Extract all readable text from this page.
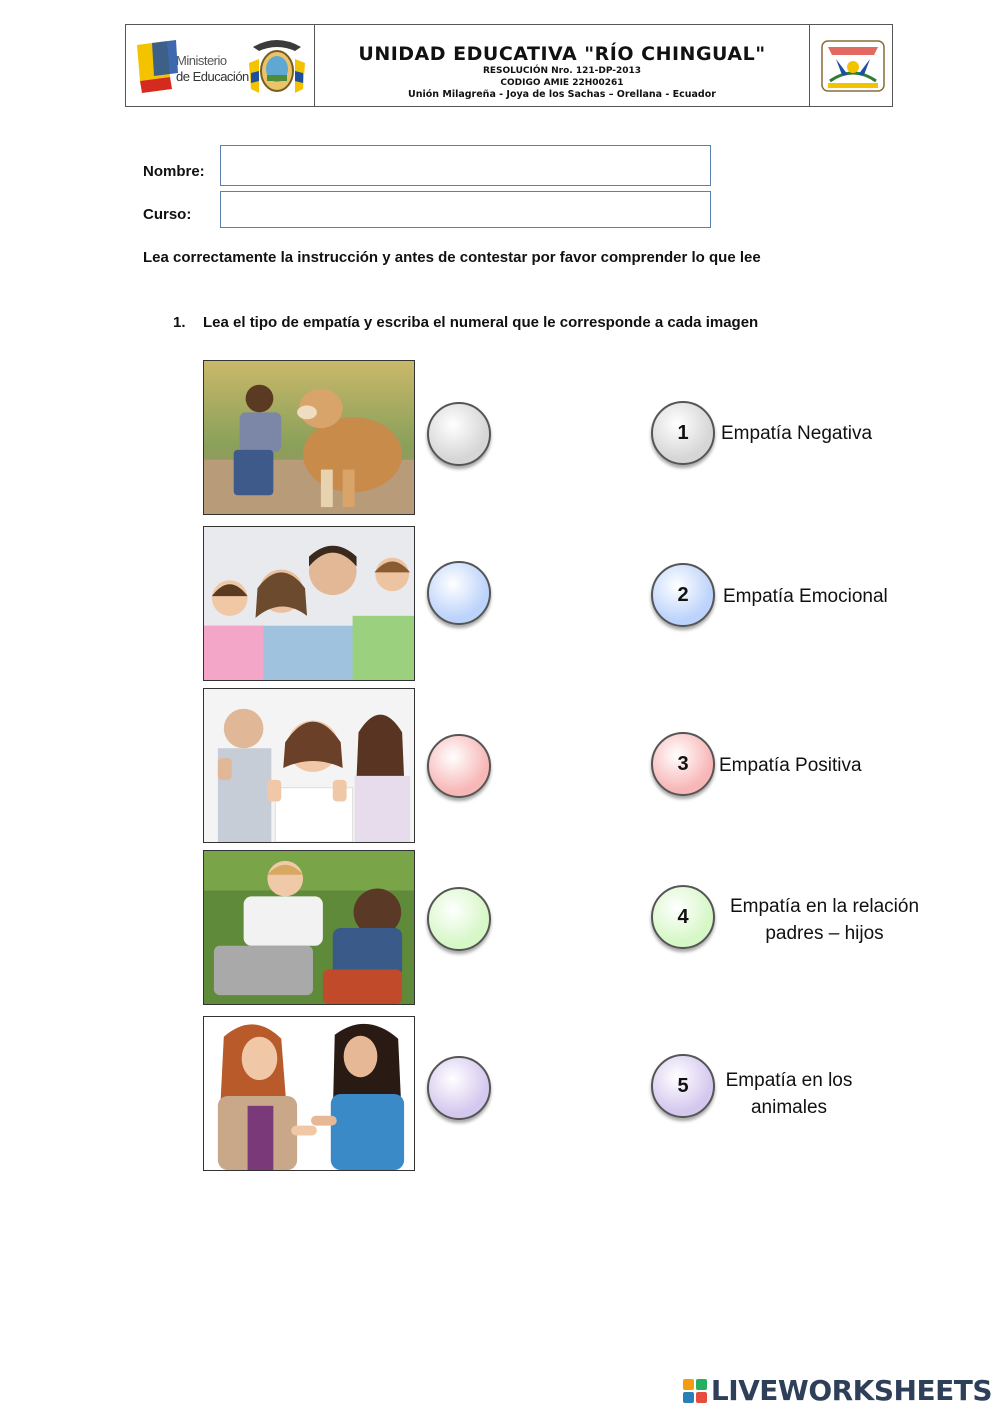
Ministerio
de Educación
UNIDAD EDUCATIVA "RÍO CHINGUAL"
RESOLUCIÓN Nro. 121-DP-2013
CODIGO AMIE 22H00261
Unión Milagreña - Joya de los Sachas – Orellana - Ecuador
Nombre:
Curso:
Lea correctamente la instrucción y antes de contestar por favor comprender lo que lee
1. Lea el tipo de empatía y escriba el numeral que le corresponde a cada imagen
1
2
3
4
5
Empatía Negativa
Empatía Emocional
Empatía Positiva
Empatía en la relación
padres – hijos
Empatía en los
animales
LIVEWORKSHEETS
